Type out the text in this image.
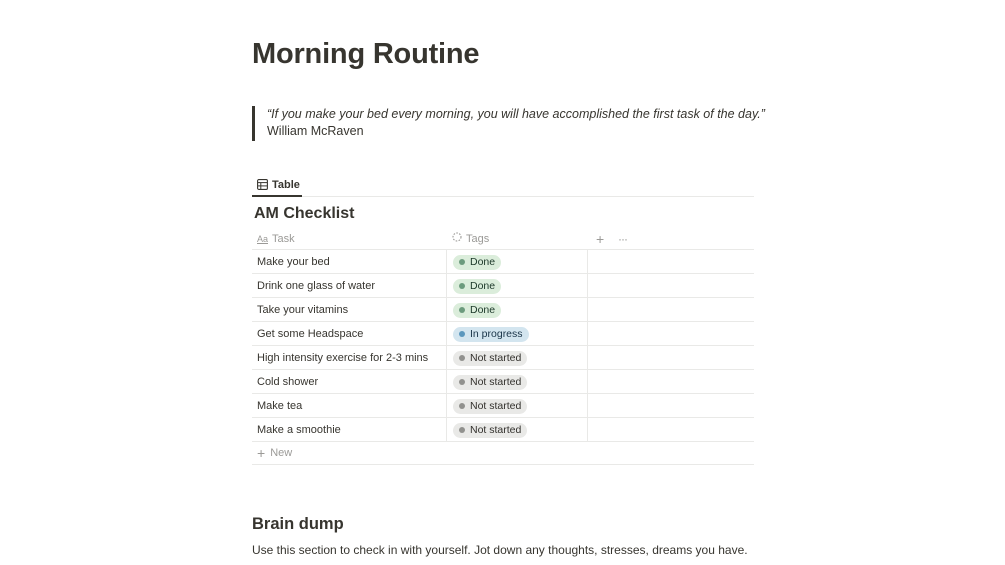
Morning Routine
“If you make your bed every morning, you will have accomplished the first task of the day.”
William McRaven
Table
AM Checklist
Aa Task	Tags	+ ···
Make your bed	Done
Drink one glass of water	Done
Take your vitamins	Done
Get some Headspace	In progress
High intensity exercise for 2-3 mins	Not started
Cold shower	Not started
Make tea	Not started
Make a smoothie	Not started
+ New
Brain dump

Use this section to check in with yourself. Jot down any thoughts, stresses, dreams you have.
